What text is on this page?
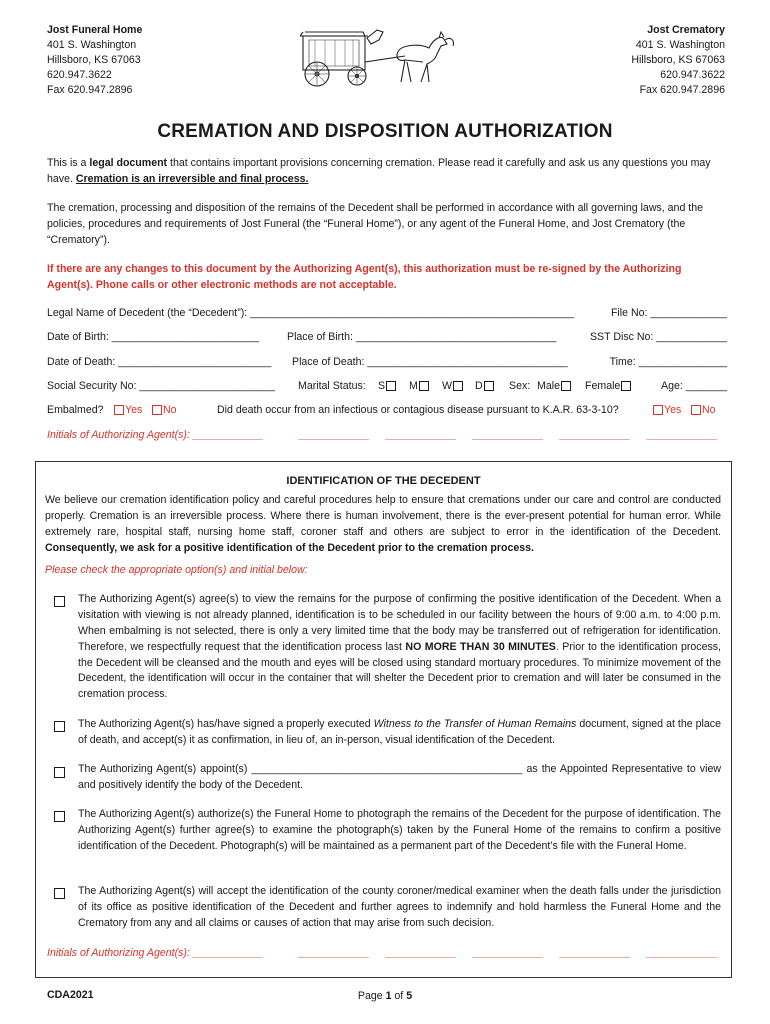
Jost Funeral Home
401 S. Washington
Hillsboro, KS 67063
620.947.3622
Fax 620.947.2896
Jost Crematory
401 S. Washington
Hillsboro, KS 67063
620.947.3622
Fax 620.947.2896
CREMATION AND DISPOSITION AUTHORIZATION
This is a legal document that contains important provisions concerning cremation. Please read it carefully and ask us any questions you may have. Cremation is an irreversible and final process.
The cremation, processing and disposition of the remains of the Decedent shall be performed in accordance with all governing laws, and the policies, procedures and requirements of Jost Funeral (the “Funeral Home”), or any agent of the Funeral Home, and Jost Crematory (the “Crematory”).
If there are any changes to this document by the Authorizing Agent(s), this authorization must be re-signed by the Authorizing Agent(s). Phone calls or other electronic methods are not acceptable.
Legal Name of Decedent (the “Decedent”): _______________________________________________________	File No: _____________
Date of Birth: _________________________	Place of Birth: __________________________________	SST Disc No: ____________
Date of Death: __________________________ Place of Death: __________________________________	Time: _______________
Social Security No: _______________________ Marital Status: S	M	W	D	Sex: Male	Female	Age: _______
Embalmed?	Yes	No	Did death occur from an infectious or contagious disease pursuant to K.A.R. 63-3-10?	Yes	No
Initials of Authorizing Agent(s): ____________	____________ ____________ ____________ ____________ ____________
IDENTIFICATION OF THE DECEDENT
We believe our cremation identification policy and careful procedures help to ensure that cremations under our care and control are conducted properly. Cremation is an irreversible process. Where there is human involvement, there is the ever-present potential for human error. While extremely rare, hospital staff, nursing home staff, coroner staff and others are subject to error in the identification of the Decedent. Consequently, we ask for a positive identification of the Decedent prior to the cremation process.
Please check the appropriate option(s) and initial below:
The Authorizing Agent(s) agree(s) to view the remains for the purpose of confirming the positive identification of the Decedent. When a visitation with viewing is not already planned, identification is to be scheduled in our facility between the hours of 9:00 a.m. to 4:00 p.m. When embalming is not selected, there is only a very limited time that the body may be transferred out of refrigeration for identification. Therefore, we respectfully request that the identification process last NO MORE THAN 30 MINUTES. Prior to the identification process, the Decedent will be cleansed and the mouth and eyes will be closed using standard mortuary procedures. To minimize movement of the Decedent, the identification will occur in the container that will shelter the Decedent prior to cremation and will later be consumed in the cremation process.
The Authorizing Agent(s) has/have signed a properly executed Witness to the Transfer of Human Remains document, signed at the place of death, and accept(s) it as confirmation, in lieu of, an in-person, visual identification of the Decedent.
The Authorizing Agent(s) appoint(s) ______________________________________________ as the Appointed Representative to view and positively identify the body of the Decedent.
The Authorizing Agent(s) authorize(s) the Funeral Home to photograph the remains of the Decedent for the purpose of identification. The Authorizing Agent(s) further agree(s) to examine the photograph(s) taken by the Funeral Home of the remains to confirm a positive identification of the Decedent. Photograph(s) will be maintained as a permanent part of the Decedent’s file with the Funeral Home.
The Authorizing Agent(s) will accept the identification of the county coroner/medical examiner when the death falls under the jurisdiction of its office as positive identification of the Decedent and further agrees to indemnify and hold harmless the Funeral Home and the Crematory from any and all claims or causes of action that may arise from such decision.
Initials of Authorizing Agent(s): ____________	____________ ____________ ____________ ____________ ____________
CDA2021	Page 1 of 5
